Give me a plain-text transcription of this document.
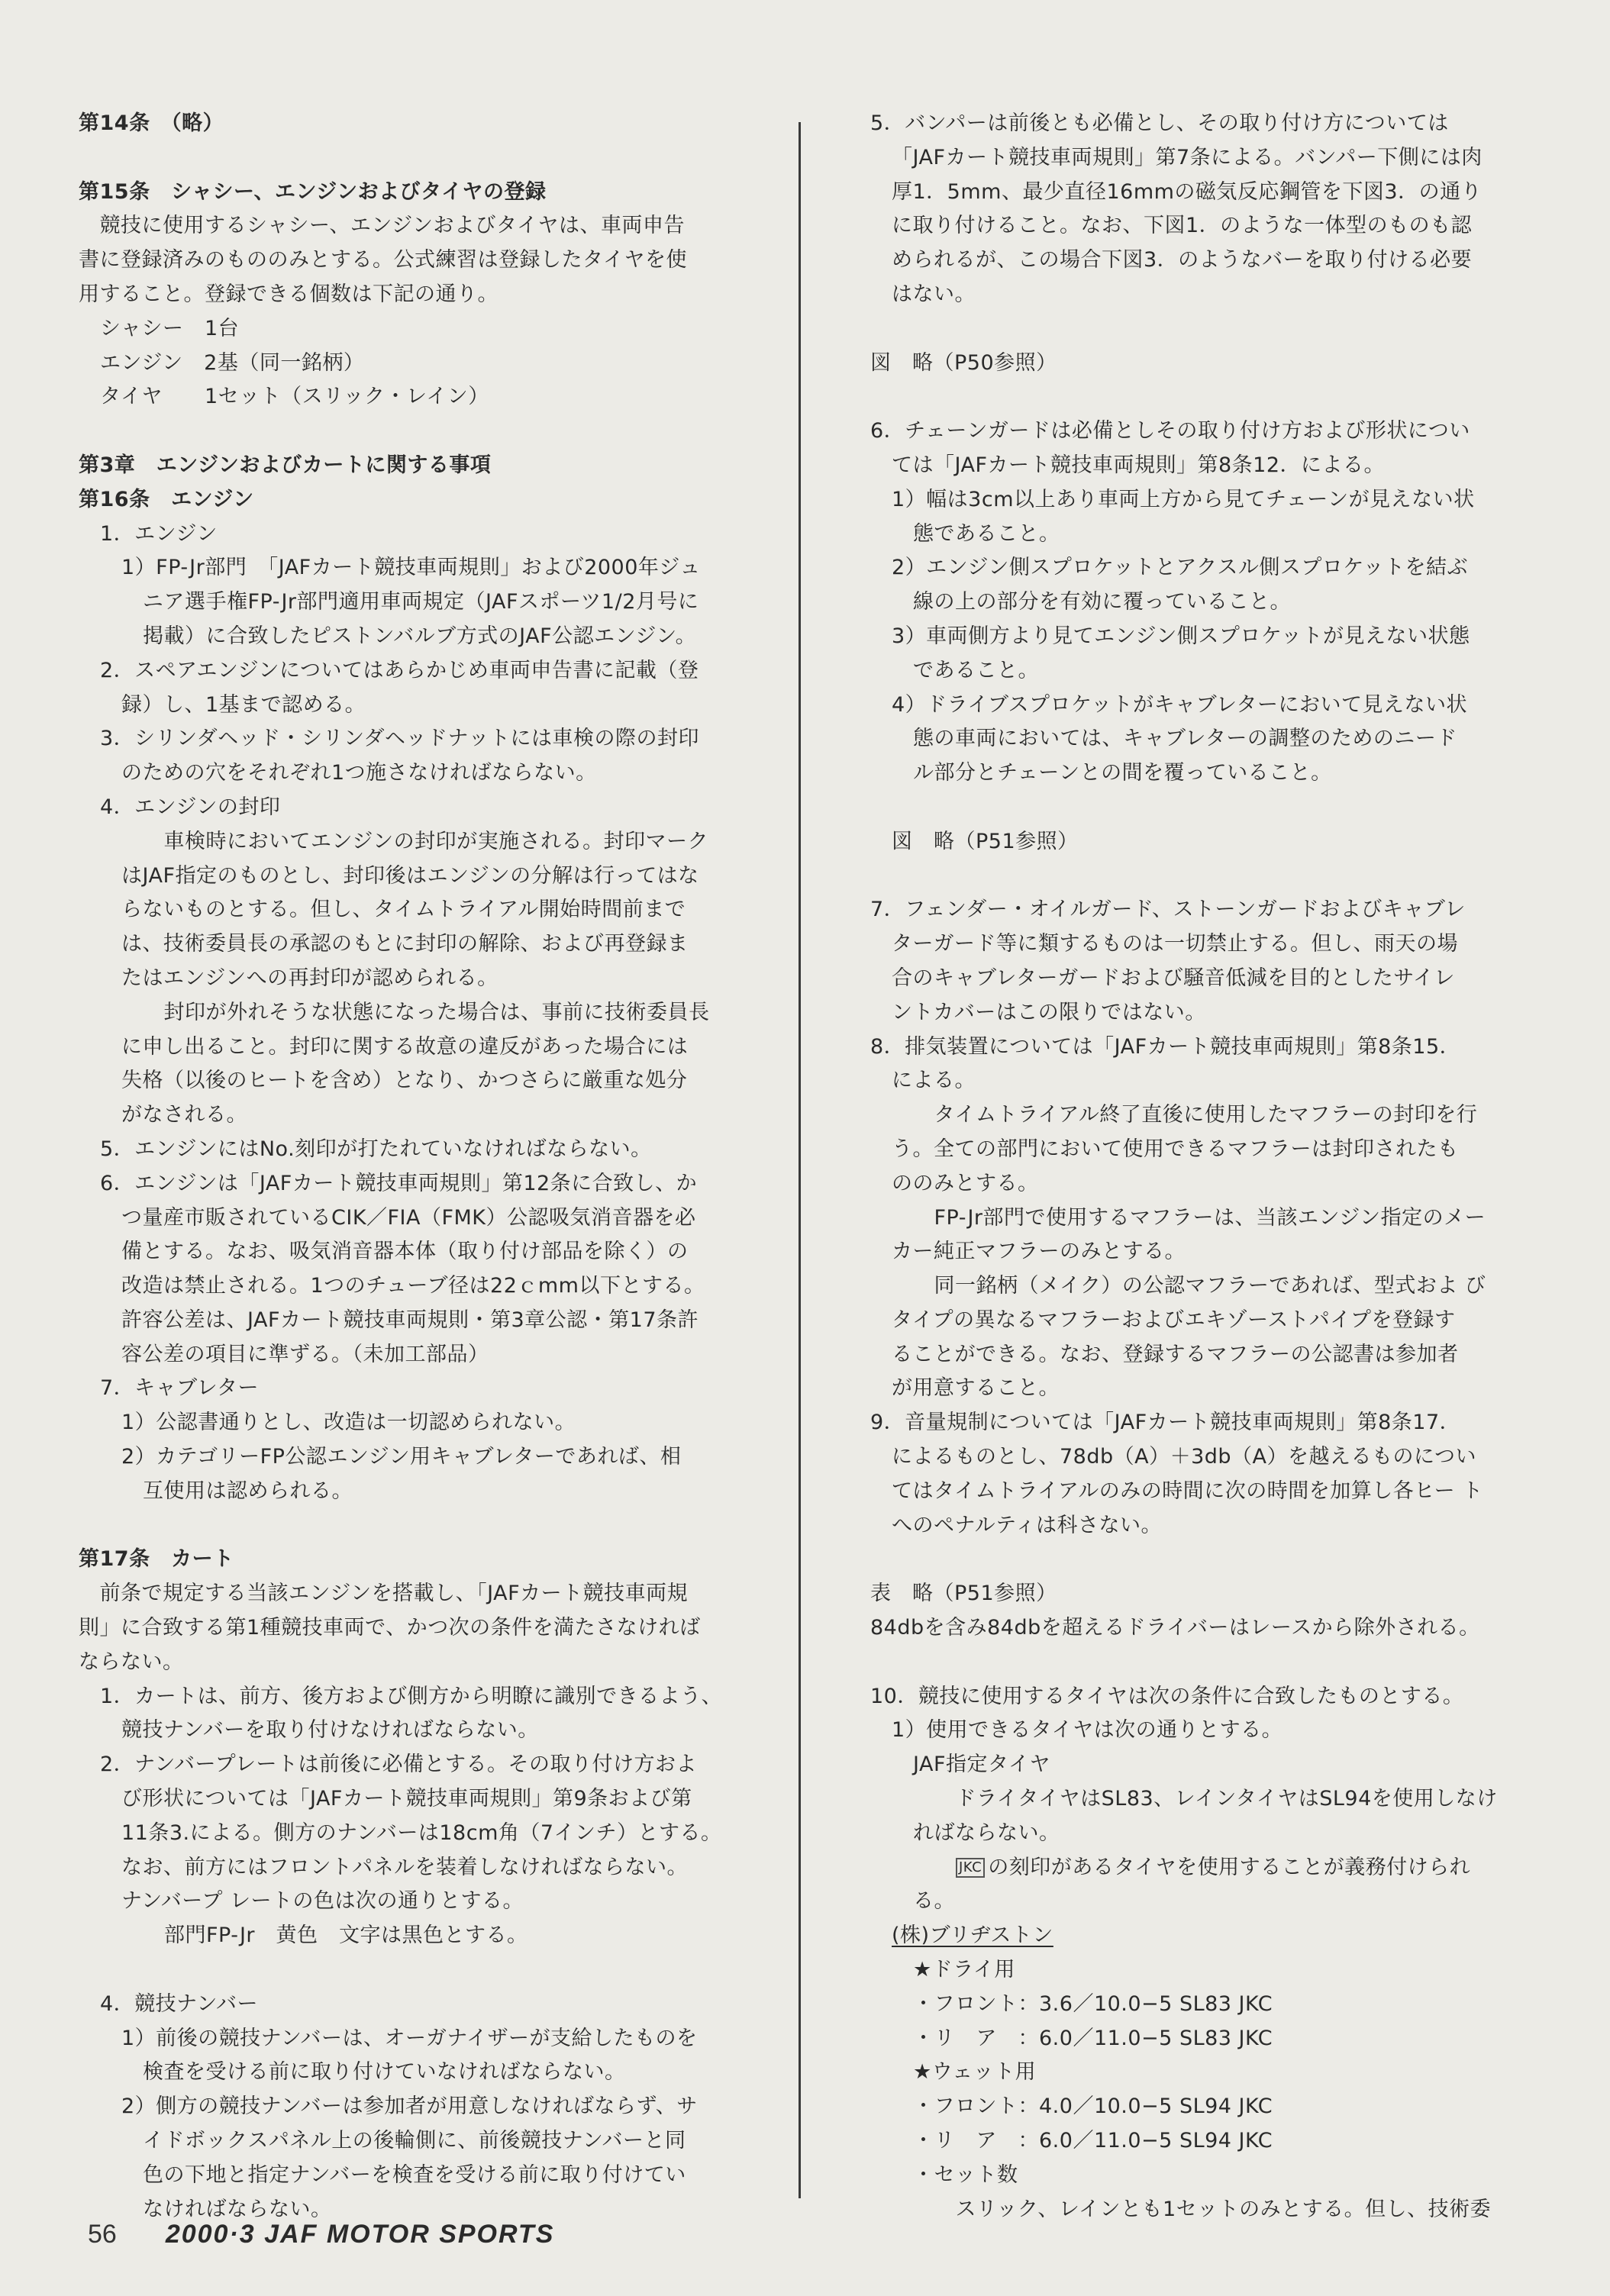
第14条　（略）
第15条　シャシー、エンジンおよびタイヤの登録
　競技に使用するシャシー、エンジンおよびタイヤは、車両申告
書に登録済みのもののみとする。公式練習は登録したタイヤを使
用すること。登録できる個数は下記の通り。
シャシー　1台
エンジン　2基（同一銘柄）
タイヤ　　1セット（スリック・レイン）
第3章　エンジンおよびカートに関する事項
第16条　エンジン
1．エンジン
1）FP-Jr部門　「JAFカート競技車両規則」および2000年ジュ
ニア選手権FP-Jr部門適用車両規定（JAFスポーツ1/2月号に
掲載）に合致したピストンバルブ方式のJAF公認エンジン。
2．スペアエンジンについてはあらかじめ車両申告書に記載（登
録）し、1基まで認める。
3．シリンダヘッド・シリンダヘッドナットには車検の際の封印
のための穴をそれぞれ1つ施さなければならない。
4．エンジンの封印
　車検時においてエンジンの封印が実施される。封印マーク
はJAF指定のものとし、封印後はエンジンの分解は行ってはな
らないものとする。但し、タイムトライアル開始時間前まで
は、技術委員長の承認のもとに封印の解除、および再登録ま
たはエンジンへの再封印が認められる。
　封印が外れそうな状態になった場合は、事前に技術委員長
に申し出ること。封印に関する故意の違反があった場合には
失格（以後のヒートを含め）となり、かつさらに厳重な処分
がなされる。
5．エンジンにはNo.刻印が打たれていなければならない。
6．エンジンは「JAFカート競技車両規則」第12条に合致し、か
つ量産市販されているCIK／FIA（FMK）公認吸気消音器を必
備とする。なお、吸気消音器本体（取り付け部品を除く）の
改造は禁止される。1つのチューブ径は22ｃmm以下とする。
許容公差は、JAFカート競技車両規則・第3章公認・第17条許
容公差の項目に準ずる。（未加工部品）
7．キャブレター
1）公認書通りとし、改造は一切認められない。
2）カテゴリーFP公認エンジン用キャブレターであれば、相
互使用は認められる。
第17条　カート
　前条で規定する当該エンジンを搭載し、「JAFカート競技車両規
則」に合致する第1種競技車両で、かつ次の条件を満たさなければ
ならない。
1．カートは、前方、後方および側方から明瞭に識別できるよう、
競技ナンバーを取り付けなければならない。
2．ナンバープレートは前後に必備とする。その取り付け方およ
び形状については「JAFカート競技車両規則」第9条および第
11条3.による。側方のナンバーは18cm角（7インチ）とする。
なお、前方にはフロントパネルを装着しなければならない。
ナンバープ レートの色は次の通りとする。
部門FP-Jr　黄色　文字は黒色とする。
4．競技ナンバー
1）前後の競技ナンバーは、オーガナイザーが支給したものを
検査を受ける前に取り付けていなければならない。
2）側方の競技ナンバーは参加者が用意しなければならず、サ
イドボックスパネル上の後輪側に、前後競技ナンバーと同
色の下地と指定ナンバーを検査を受ける前に取り付けてい
なければならない。
5．バンパーは前後とも必備とし、その取り付け方については
「JAFカート競技車両規則」第7条による。バンパー下側には肉
厚1．5mm、最少直径16mmの磁気反応鋼管を下図3．の通り
に取り付けること。なお、下図1．のような一体型のものも認
められるが、この場合下図3．のようなバーを取り付ける必要
はない。
図　略（P50参照）
6．チェーンガードは必備としその取り付け方および形状につい
ては「JAFカート競技車両規則」第8条12．による。
1）幅は3cm以上あり車両上方から見てチェーンが見えない状
態であること。
2）エンジン側スプロケットとアクスル側スプロケットを結ぶ
線の上の部分を有効に覆っていること。
3）車両側方より見てエンジン側スプロケットが見えない状態
であること。
4）ドライブスプロケットがキャブレターにおいて見えない状
態の車両においては、キャブレターの調整のためのニード
ル部分とチェーンとの間を覆っていること。
図　略（P51参照）
7．フェンダー・オイルガード、ストーンガードおよびキャブレ
ターガード等に類するものは一切禁止する。但し、雨天の場
合のキャブレターガードおよび騒音低減を目的としたサイレ
ントカバーはこの限りではない。
8．排気装置については「JAFカート競技車両規則」第8条15．
による。
　タイムトライアル終了直後に使用したマフラーの封印を行
う。全ての部門において使用できるマフラーは封印されたも
ののみとする。
　FP-Jr部門で使用するマフラーは、当該エンジン指定のメー
カー純正マフラーのみとする。
　同一銘柄（メイク）の公認マフラーであれば、型式およ び
タイプの異なるマフラーおよびエキゾーストパイプを登録す
ることができる。なお、登録するマフラーの公認書は参加者
が用意すること。
9．音量規制については「JAFカート競技車両規則」第8条17．
によるものとし、78db（A）＋3db（A）を越えるものについ
てはタイムトライアルのみの時間に次の時間を加算し各ヒー ト
へのペナルティは科さない。
表　略（P51参照）
84dbを含み84dbを超えるドライバーはレースから除外される。
10．競技に使用するタイヤは次の条件に合致したものとする。
1）使用できるタイヤは次の通りとする。
JAF指定タイヤ
　ドライタイヤはSL83、レインタイヤはSL94を使用しなけ
ればならない。
JKC の刻印があるタイヤを使用することが義務付けられ
る。
(株)ブリヂストン
★ドライ用
・フロント：3.6／10.0−5 SL83 JKC
・リ　ア　：6.0／11.0−5 SL83 JKC
★ウェット用
・フロント：4.0／10.0−5 SL94 JKC
・リ　ア　：6.0／11.0−5 SL94 JKC
・セット数
　スリック、レインとも1セットのみとする。但し、技術委
56 2000·3 JAF MOTOR SPORTS
